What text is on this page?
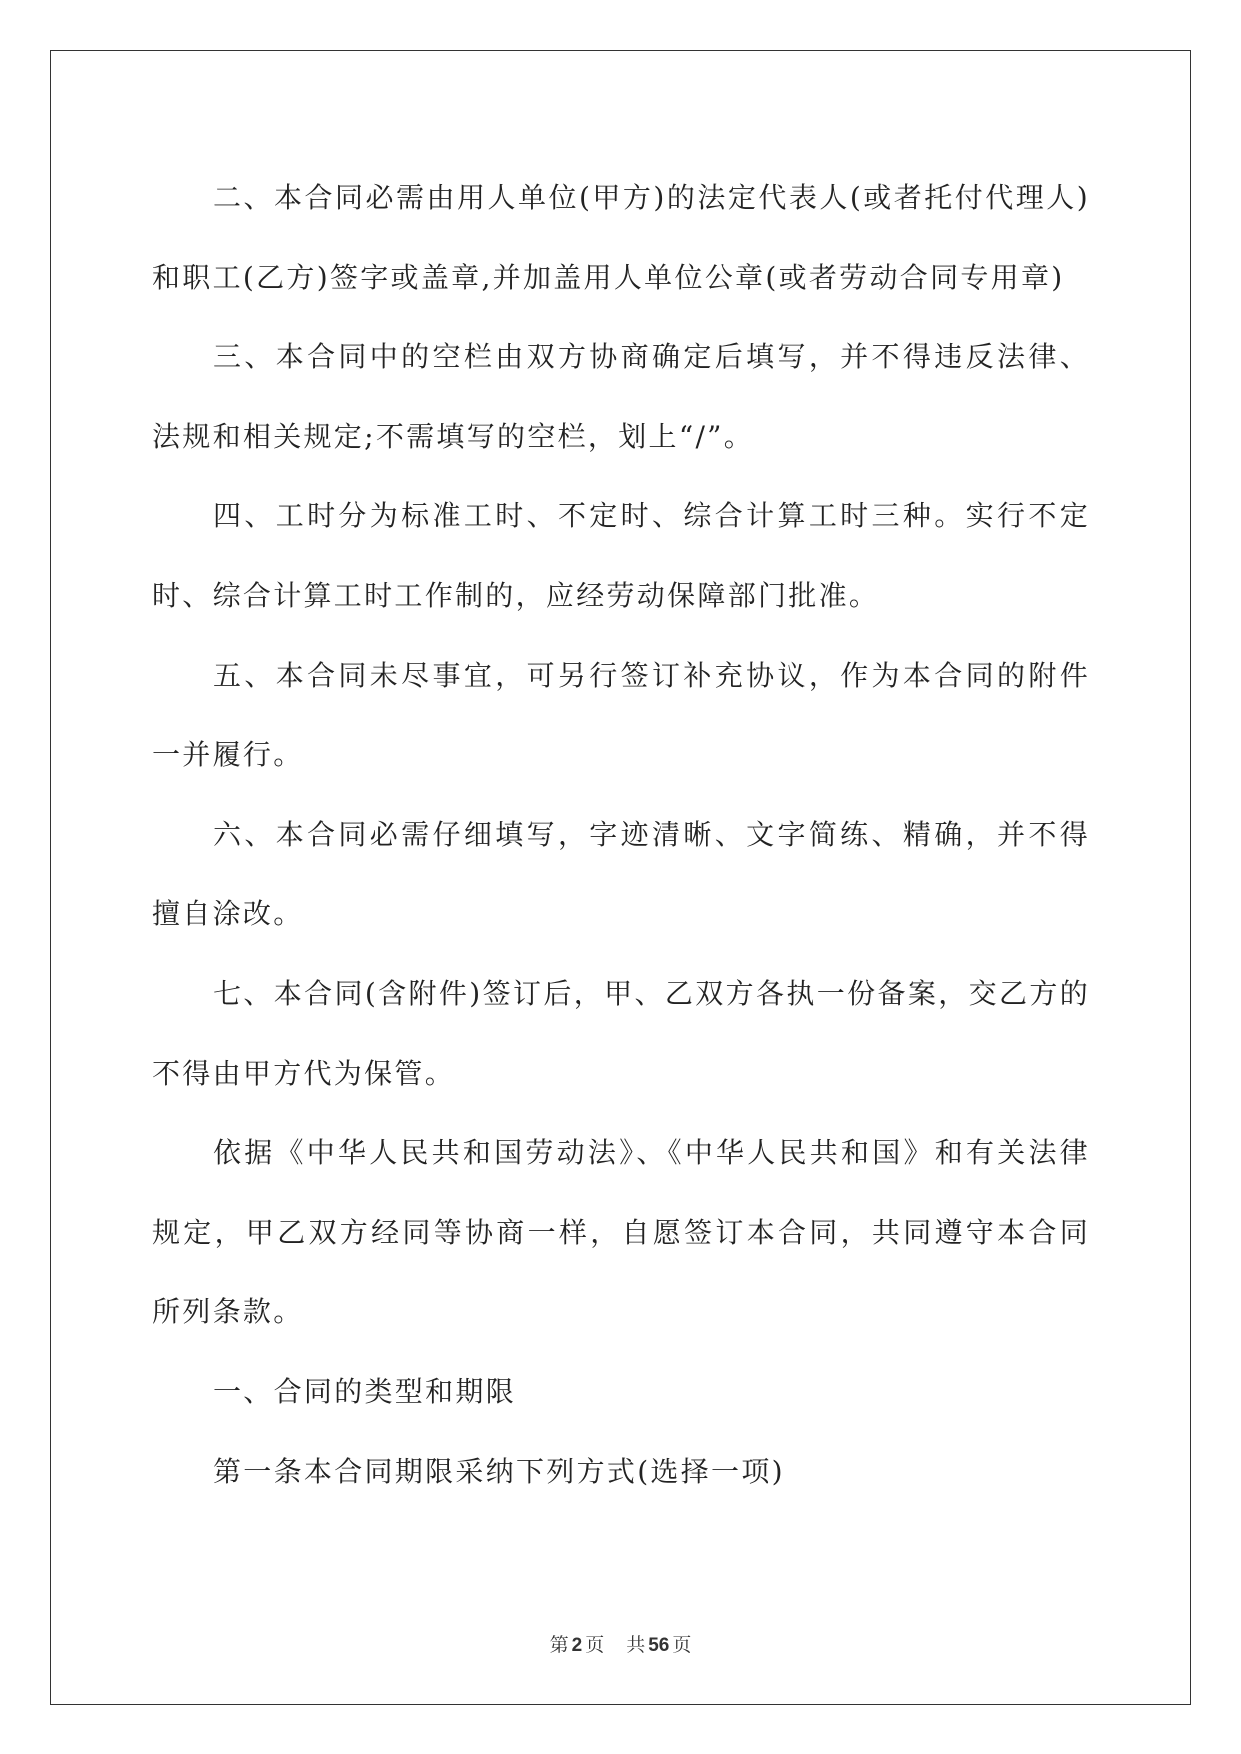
二、本合同必需由用人单位(甲方)的法定代表人(或者托付代理人)和职工(乙方)签字或盖章,并加盖用人单位公章(或者劳动合同专用章)

三、本合同中的空栏由双方协商确定后填写，并不得违反法律、法规和相关规定;不需填写的空栏，划上“/”。

四、工时分为标准工时、不定时、综合计算工时三种。实行不定时、综合计算工时工作制的，应经劳动保障部门批准。

五、本合同未尽事宜，可另行签订补充协议，作为本合同的附件一并履行。

六、本合同必需仔细填写，字迹清晰、文字简练、精确，并不得擅自涂改。

七、本合同(含附件)签订后，甲、乙双方各执一份备案，交乙方的不得由甲方代为保管。

依据《中华人民共和国劳动法》、《中华人民共和国》和有关法律规定，甲乙双方经同等协商一样，自愿签订本合同，共同遵守本合同所列条款。

一、合同的类型和期限

第一条本合同期限采纳下列方式(选择一项)

第 2 页 共 56 页
